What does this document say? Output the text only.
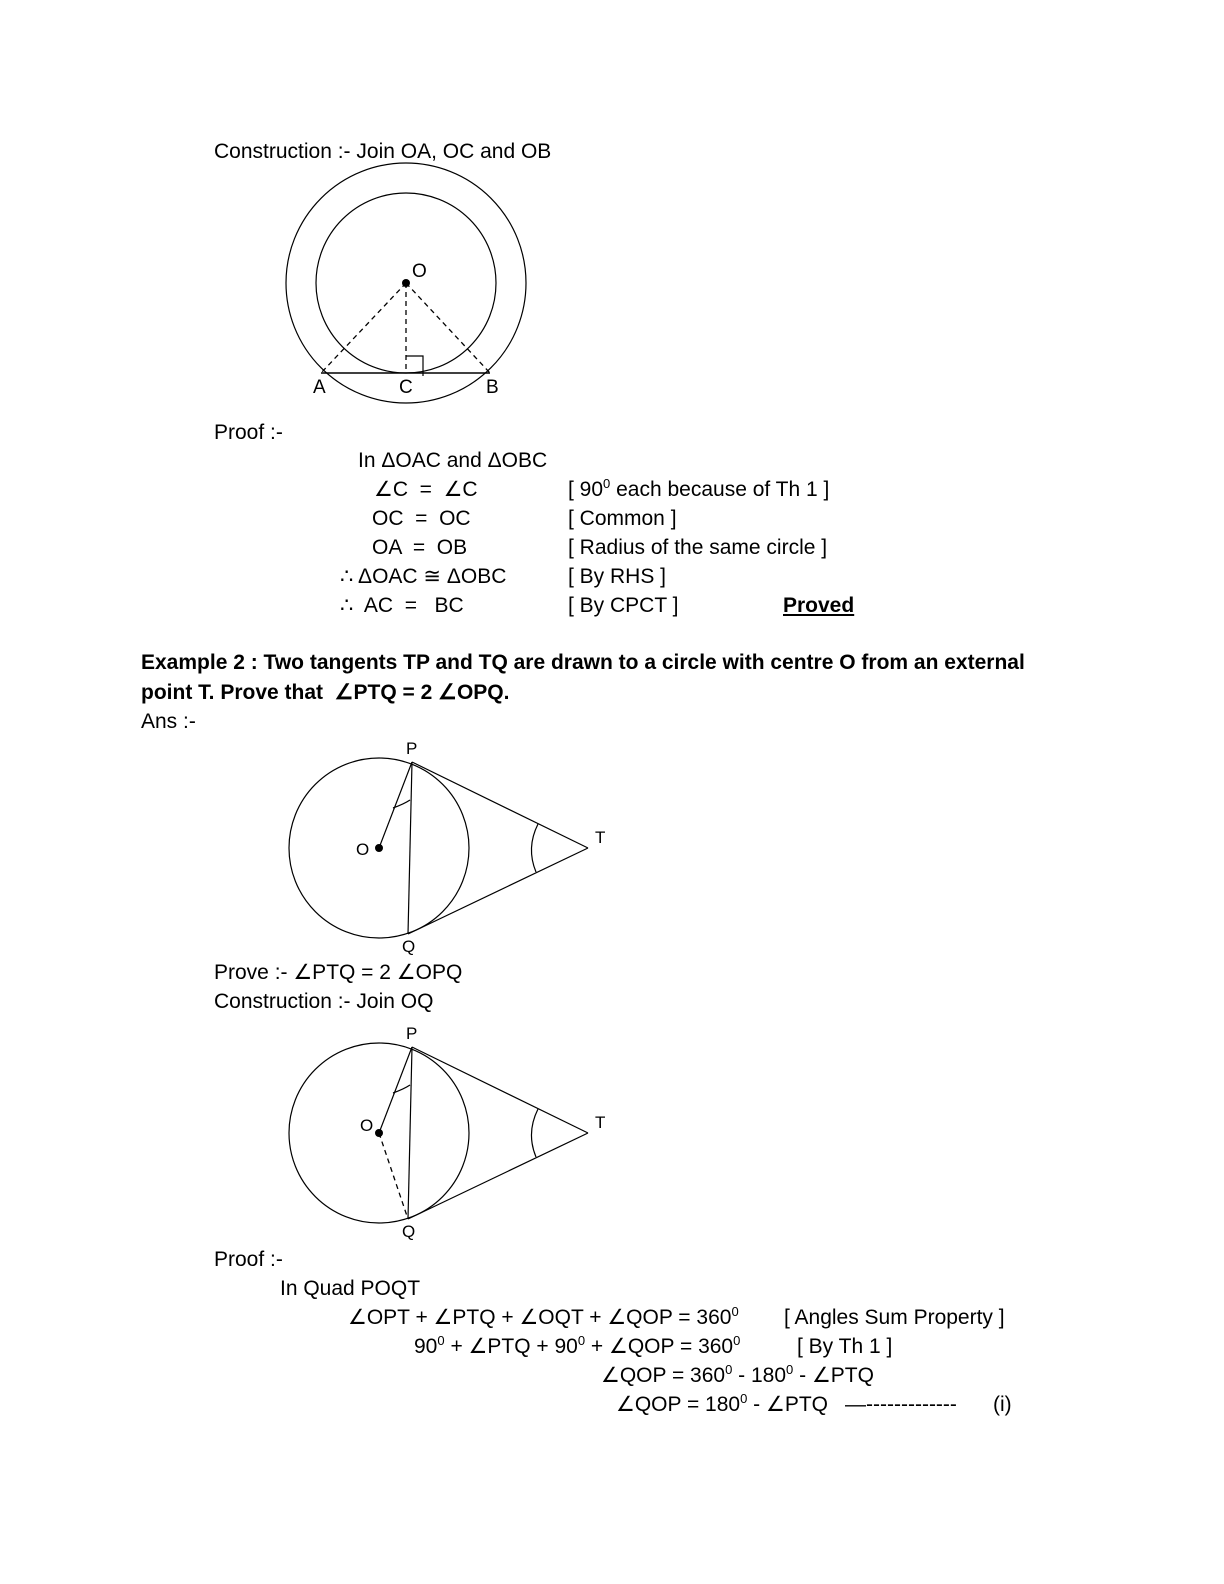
Construction :- Join OA, OC and OB
O
A	C	B
Proof :-
In ΔOAC and ΔOBC
∠C  =  ∠C	[ $90^0$ each because of Th 1 ]
OC  =  OC	[ Common ]
OA  =  OB	[ Radius of the same circle ]
∴ ΔOAC ≅ ΔOBC	[ By RHS ]
∴  AC  =   BC	[ By CPCT ]	Proved
Example 2 : Two tangents TP and TQ are drawn to a circle with centre O from an external
point T. Prove that  ∠PTQ = 2 ∠OPQ.
Ans :-
O
P
T
Q
Prove :- ∠PTQ = 2 ∠OPQ
Construction :- Join OQ
O
P
T
Q
Proof :-
In Quad POQT
∠OPT + ∠PTQ + ∠OQT + ∠QOP = $360^0$ [ Angles Sum Property ]
$90^0$ + ∠PTQ + $90^0$ + ∠QOP = $360^0$	[ By Th 1 ]
∠QOP = $360^0 - 180^0$ - ∠PTQ
∠QOP = $180^0$ - ∠PTQ —------------- (i)
